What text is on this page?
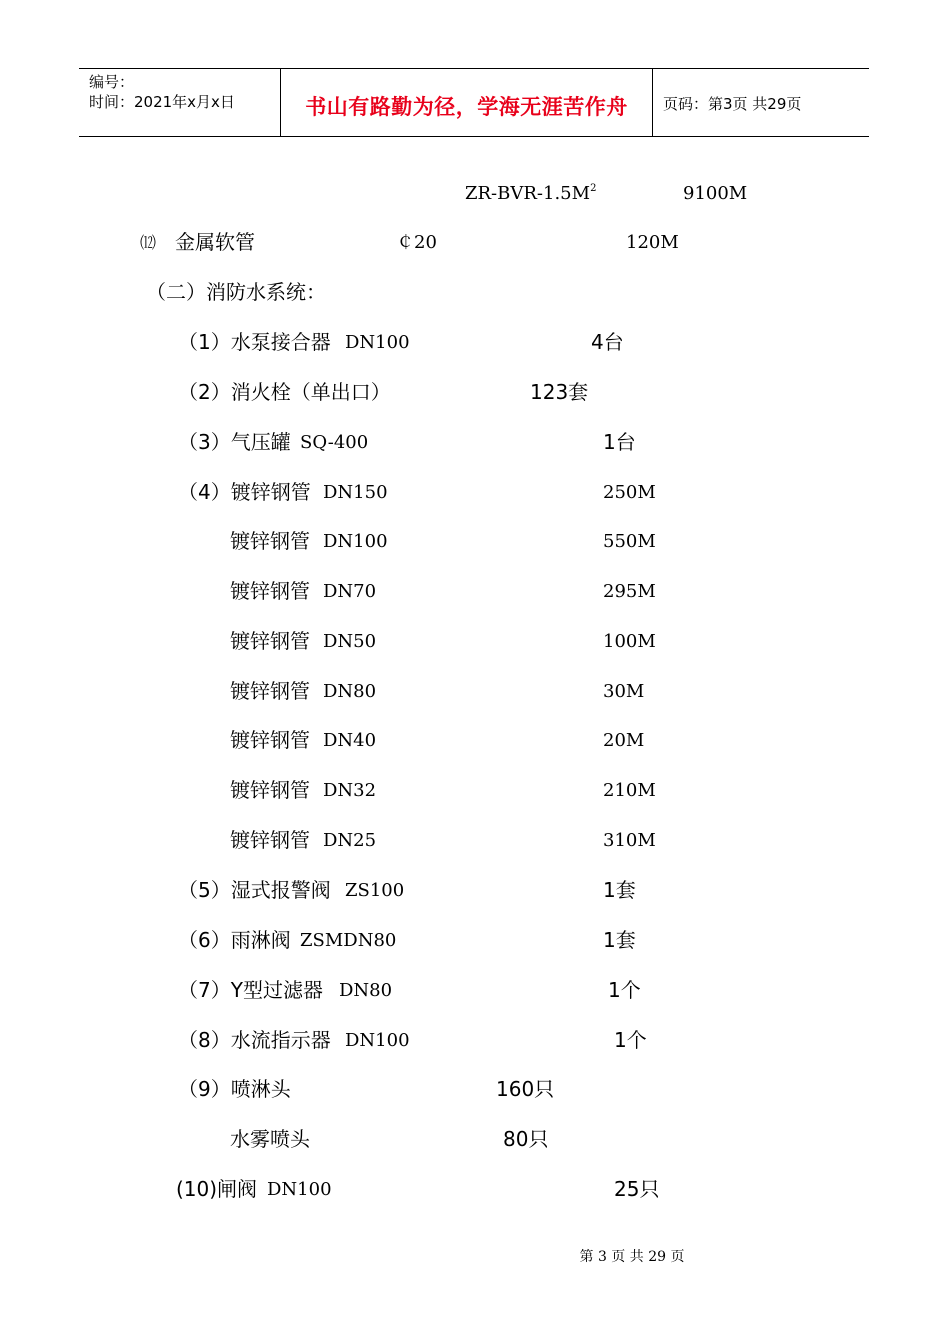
编号：
时间：2021年x月x日	书山有路勤为径，学海无涯苦作舟	页码：第3页 共29页
$ZR-BVR-1.5M^2$	9100M
⑿ 金属软管	￠20	120M
（二）消防水系统：
（1）水泵接合器 DN100	4台
（2）消火栓（单出口）	123套
（3）气压罐 SQ-400	1台
（4）镀锌钢管 DN150	250M
镀锌钢管 DN100	550M
镀锌钢管 DN70	295M
镀锌钢管 DN50	100M
镀锌钢管 DN80	30M
镀锌钢管 DN40	20M
镀锌钢管 DN32	210M
镀锌钢管 DN25	310M
（5）湿式报警阀 ZS100	1套
（6）雨淋阀 ZSMDN80	1套
（7）Y型过滤器 DN80	1个
（8）水流指示器 DN100	1个
（9）喷淋头	160只
水雾喷头	80只
(10)闸阀 DN100	25只
第 3 页 共 29 页
